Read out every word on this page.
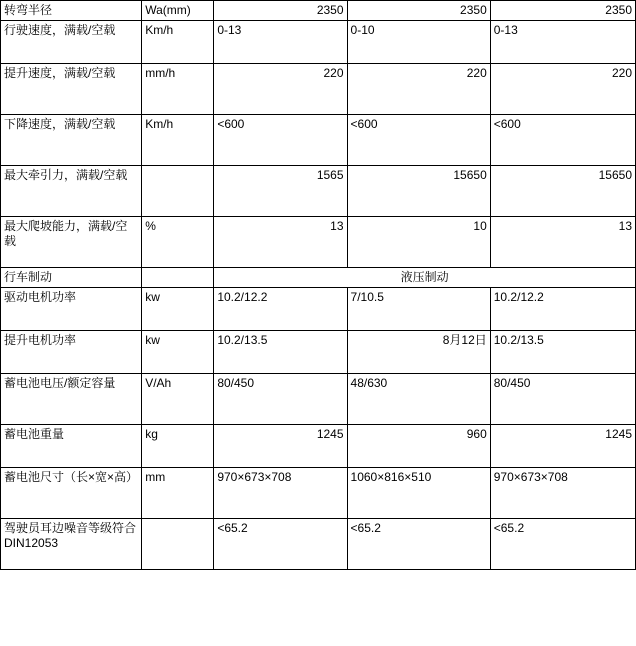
转弯半径	Wa(mm)	2350	2350	2350
行驶速度，满载/空载	Km/h	0-13	0-10	0-13
提升速度，满载/空载	mm/h	220	220	220
下降速度，满载/空载	Km/h	<600	<600	<600
最大牵引力，满载/空载		1565	15650	15650
最大爬坡能力，满载/空载	%	13	10	13
行车制动		液压制动		
驱动电机功率	kw	10.2/12.2	7/10.5	10.2/12.2
提升电机功率	kw	10.2/13.5	8月12日	10.2/13.5
蓄电池电压/额定容量	V/Ah	80/450	48/630	80/450
蓄电池重量	kg	1245	960	1245
蓄电池尺寸（长×宽×高）	mm	970×673×708	1060×816×510	970×673×708
驾驶员耳边噪音等级符合DIN12053		<65.2	<65.2	<65.2
